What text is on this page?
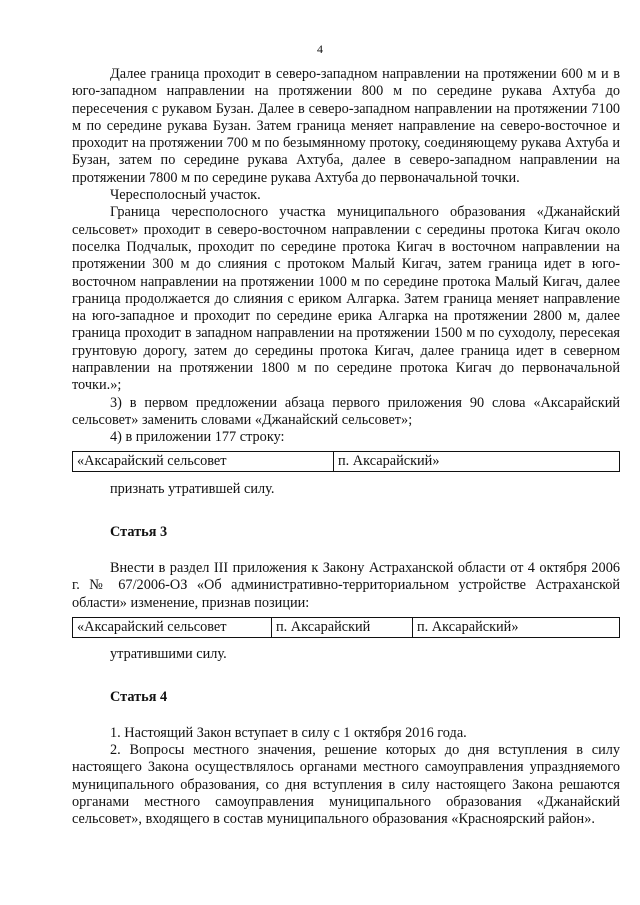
4

Далее граница проходит в северо-западном направлении на протяжении 600 м и в юго-западном направлении на протяжении 800 м по середине рукава Ахтуба до пересечения с рукавом Бузан. Далее в северо-западном направлении на протяжении 7100 м по середине рукава Бузан. Затем граница меняет направление на северо-восточное и проходит на протяжении 700 м по безымянному протоку, соединяющему рукава Ахтуба и Бузан, затем по середине рукава Ахтуба, далее в северо-западном направлении на протяжении 7800 м по середине рукава Ахтуба до первоначальной точки.

Чересполосный участок.

Граница чересполосного участка муниципального образования «Джанайский сельсовет» проходит в северо-восточном направлении с середины протока Кигач около поселка Подчалык, проходит по середине протока Кигач в восточном направлении на протяжении 300 м до слияния с протоком Малый Кигач, затем граница идет в юго-восточном направлении на протяжении 1000 м по середине протока Малый Кигач, далее граница продолжается до слияния с ериком Алгарка. Затем граница меняет направление на юго-западное и проходит по середине ерика Алгарка на протяжении 2800 м, далее граница проходит в западном направлении на протяжении 1500 м по суходолу, пересекая грунтовую дорогу, затем до середины протока Кигач, далее граница идет в северном направлении на протяжении 1800 м по середине протока Кигач до первоначальной точки.»;

3) в первом предложении абзаца первого приложения 90 слова «Аксарайский сельсовет» заменить словами «Джанайский сельсовет»;

4) в приложении 177 строку:

«Аксарайский сельсовет	п. Аксарайский»

признать утратившей силу.

Статья 3

Внести в раздел III приложения к Закону Астраханской области от 4 октября 2006 г. № 67/2006-ОЗ «Об административно-территориальном устройстве Астраханской области» изменение, признав позиции:

«Аксарайский сельсовет	п. Аксарайский	п. Аксарайский»

утратившими силу.

Статья 4

1. Настоящий Закон вступает в силу с 1 октября 2016 года.

2. Вопросы местного значения, решение которых до дня вступления в силу настоящего Закона осуществлялось органами местного самоуправления упраздняемого муниципального образования, со дня вступления в силу настоящего Закона решаются органами местного самоуправления муниципального образования «Джанайский сельсовет», входящего в состав муниципального образования «Красноярский район».
